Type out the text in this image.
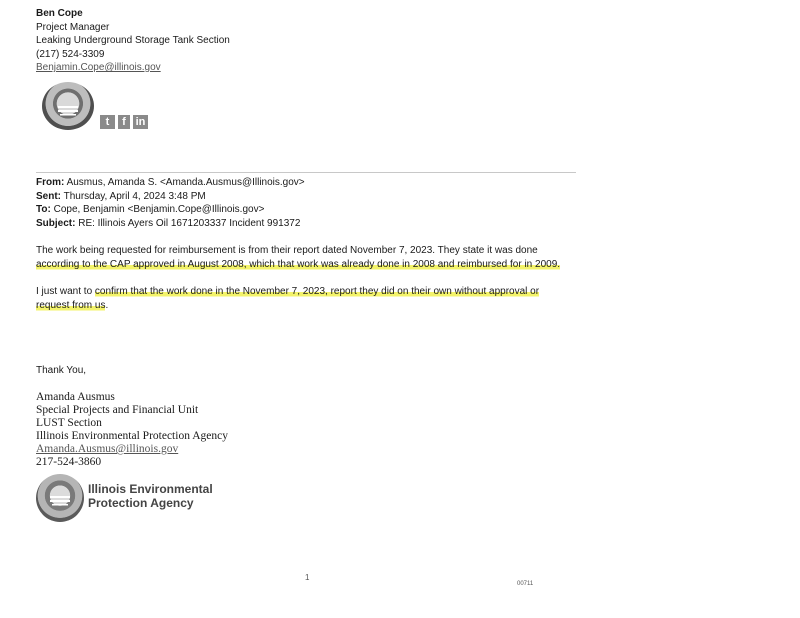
Ben Cope
Project Manager
Leaking Underground Storage Tank Section
(217) 524-3309
Benjamin.Cope@illinois.gov
t	f in
From: Ausmus, Amanda S. <Amanda.Ausmus@Illinois.gov>
Sent: Thursday, April 4, 2024 3:48 PM
To: Cope, Benjamin <Benjamin.Cope@Illinois.gov>
Subject: RE: Illinois Ayers Oil 1671203337 Incident 991372
The work being requested for reimbursement is from their report dated November 7, 2023. They state it was done
according to the CAP approved in August 2008, which that work was already done in 2008 and reimbursed for in 2009.
I just want to confirm that the work done in the November 7, 2023, report they did on their own without approval or
request from us.
Thank You,
Amanda Ausmus
Special Projects and Financial Unit
LUST Section
Illinois Environmental Protection Agency
Amanda.Ausmus@illinois.gov
217-524-3860
Illinois Environmental
Protection Agency
1
00711
